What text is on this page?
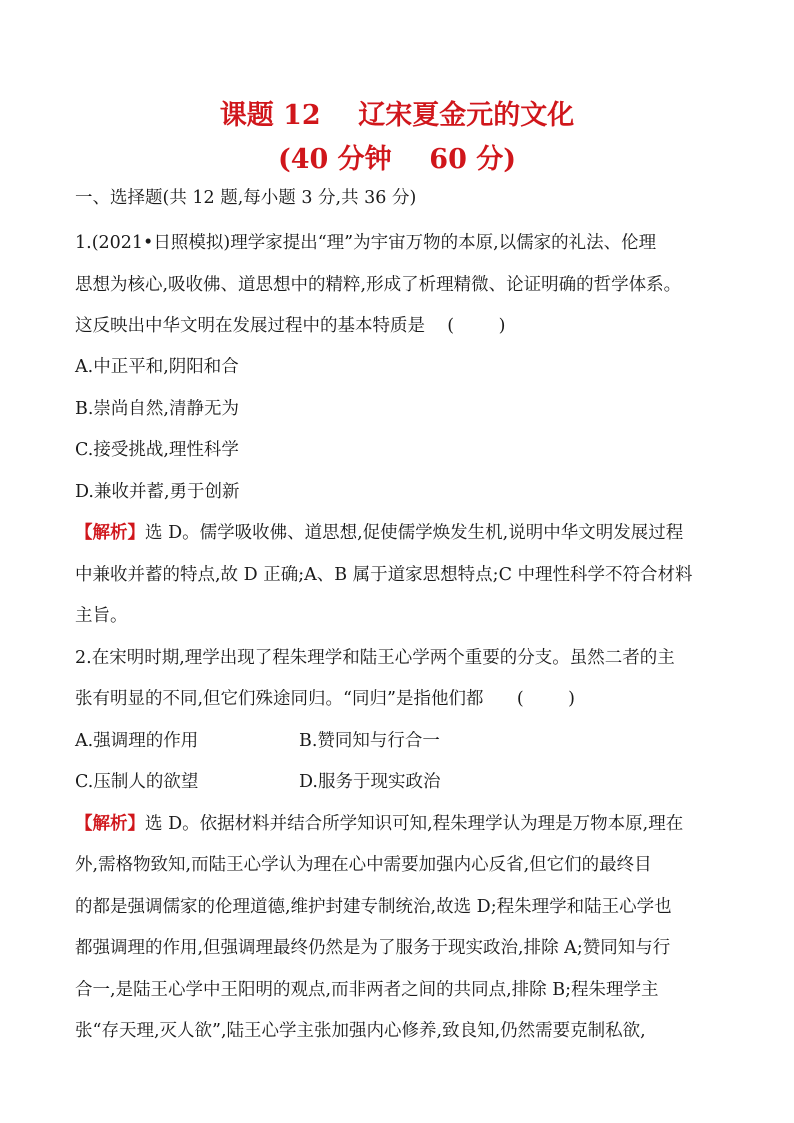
课题 12    辽宋夏金元的文化
(40 分钟    60 分)
一、选择题(共 12 题,每小题 3 分,共 36 分)
1.(2021•日照模拟)理学家提出“理”为宇宙万物的本原,以儒家的礼法、伦理
思想为核心,吸收佛、道思想中的精粹,形成了析理精微、论证明确的哲学体系。
这反映出中华文明在发展过程中的基本特质是    (        )
A.中正平和,阴阳和合
B.崇尚自然,清静无为
C.接受挑战,理性科学
D.兼收并蓄,勇于创新
【解析】选 D。儒学吸收佛、道思想,促使儒学焕发生机,说明中华文明发展过程
中兼收并蓄的特点,故 D 正确;A、B 属于道家思想特点;C 中理性科学不符合材料
主旨。
2.在宋明时期,理学出现了程朱理学和陆王心学两个重要的分支。虽然二者的主
张有明显的不同,但它们殊途同归。“同归”是指他们都      (        )
A.强调理的作用	B.赞同知与行合一
C.压制人的欲望	D.服务于现实政治
【解析】选 D。依据材料并结合所学知识可知,程朱理学认为理是万物本原,理在
外,需格物致知,而陆王心学认为理在心中需要加强内心反省,但它们的最终目
的都是强调儒家的伦理道德,维护封建专制统治,故选 D;程朱理学和陆王心学也
都强调理的作用,但强调理最终仍然是为了服务于现实政治,排除 A;赞同知与行
合一,是陆王心学中王阳明的观点,而非两者之间的共同点,排除 B;程朱理学主
张“存天理,灭人欲”,陆王心学主张加强内心修养,致良知,仍然需要克制私欲,
